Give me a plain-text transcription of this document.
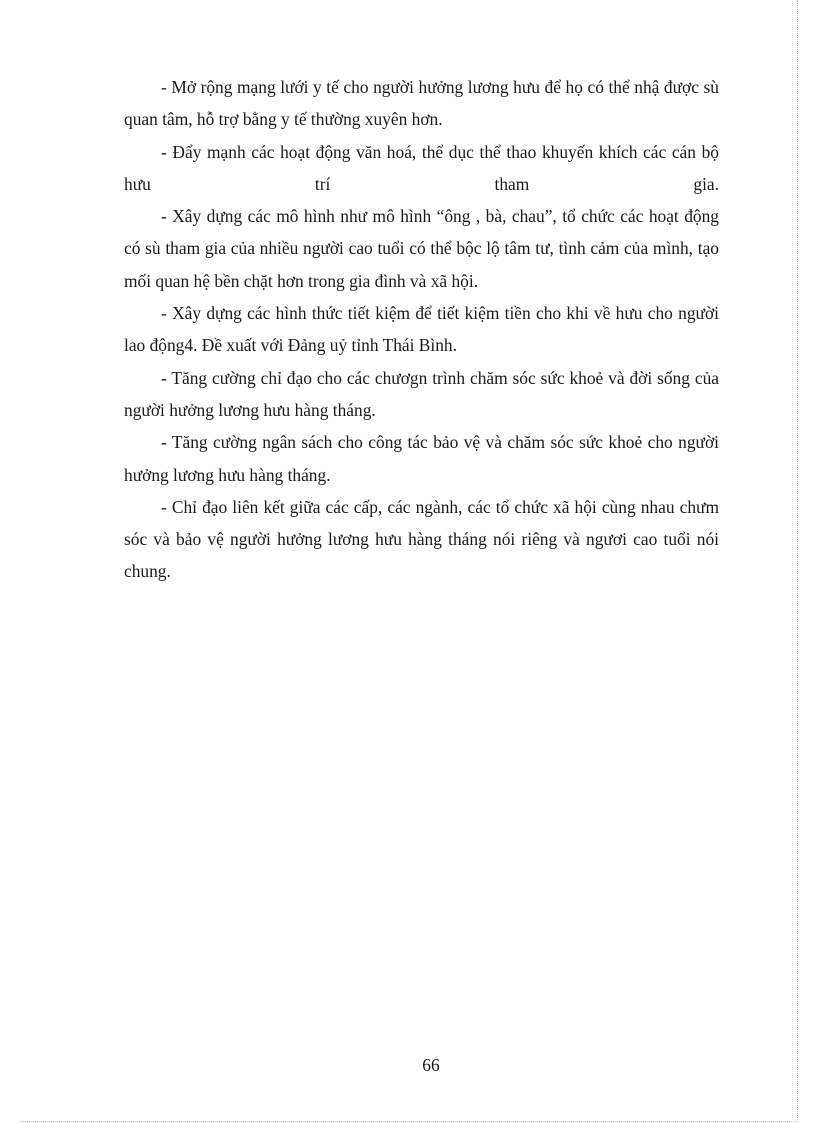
- Mở rộng mạng lưới y tế cho người hưởng lương hưu để họ có thể nhậ được sù quan tâm, hỗ trợ bằng y tế thường xuyên hơn.

- Đẩy mạnh các hoạt động văn hoá, thể dục thể thao khuyến khích các cán bộ hưu trí tham gia.

- Xây dựng các mô hình như mô hình “ông , bà, chau”, tổ chức các hoạt động có sù tham gia của nhiều người cao tuổi có thể bộc lộ tâm tư, tình cảm của mình, tạo mối quan hệ bền chặt hơn trong gia đình và xã hội.

- Xây dựng các hình thức tiết kiệm để tiết kiệm tiền cho khi về hưu cho người lao động4. Đề xuất với Đảng uỷ tỉnh Thái Bình.

- Tăng cường chỉ đạo cho các chươgn trình chăm sóc sức khoẻ và đời sống của người hưởng lương hưu hàng tháng.

- Tăng cường ngân sách cho công tác bảo vệ và chăm sóc sức khoẻ cho người hưởng lương hưu hàng tháng.

- Chỉ đạo liên kết giữa các cấp, các ngành, các tổ chức xã hội cùng nhau chưm sóc và bảo vệ người hưởng lương hưu hàng tháng nói riêng và ngươi cao tuổi nói chung.

66
